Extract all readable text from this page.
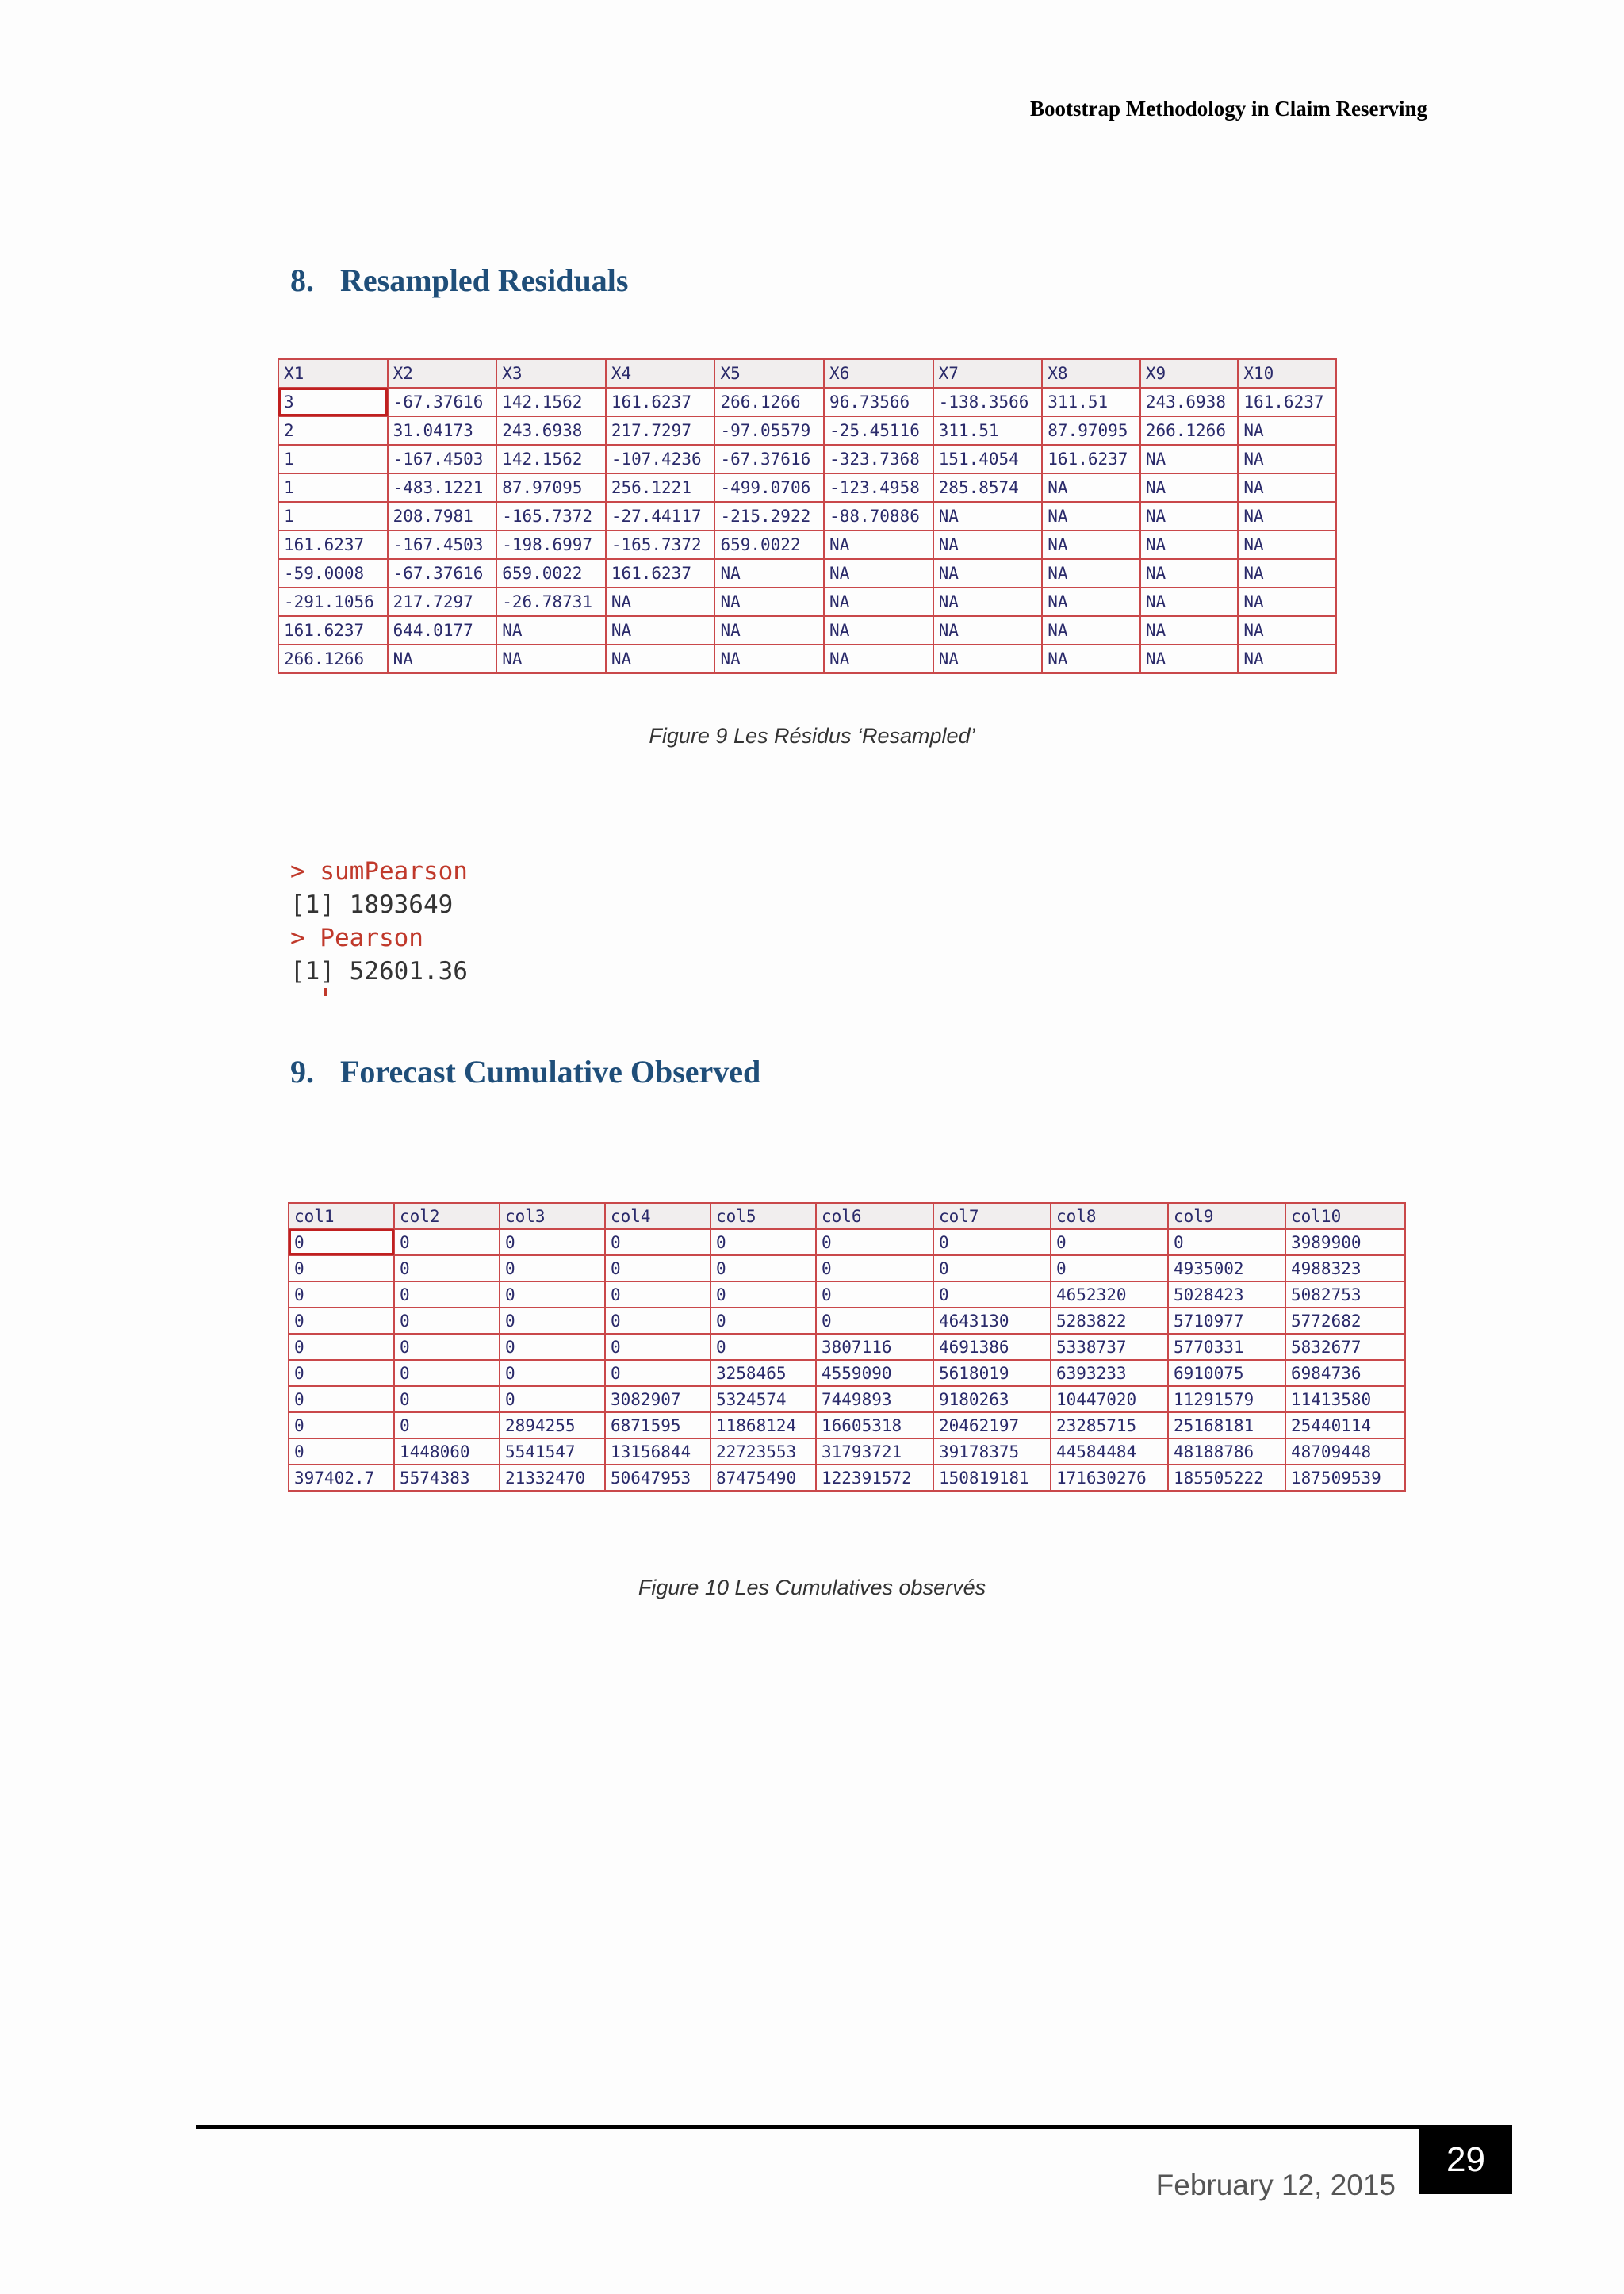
Bootstrap Methodology in Claim Reserving
8. Resampled Residuals
X1	X2	X3	X4	X5	X6	X7	X8	X9	X10
3	-67.37616	142.1562	161.6237	266.1266	96.73566	-138.3566	311.51	243.6938	161.6237
2	31.04173	243.6938	217.7297	-97.05579	-25.45116	311.51	87.97095	266.1266	NA
1	-167.4503	142.1562	-107.4236	-67.37616	-323.7368	151.4054	161.6237	NA	NA
1	-483.1221	87.97095	256.1221	-499.0706	-123.4958	285.8574	NA	NA	NA
1	208.7981	-165.7372	-27.44117	-215.2922	-88.70886	NA	NA	NA	NA
161.6237	-167.4503	-198.6997	-165.7372	659.0022	NA	NA	NA	NA	NA
-59.0008	-67.37616	659.0022	161.6237	NA	NA	NA	NA	NA	NA
-291.1056	217.7297	-26.78731	NA	NA	NA	NA	NA	NA	NA
161.6237	644.0177	NA	NA	NA	NA	NA	NA	NA	NA
266.1266	NA	NA	NA	NA	NA	NA	NA	NA	NA
Figure 9 Les Résidus ‘Resampled’
> sumPearson
[1] 1893649
> Pearson
[1] 52601.36
9. Forecast Cumulative Observed
col1	col2	col3	col4	col5	col6	col7	col8	col9	col10
0	0	0	0	0	0	0	0	0	3989900
0	0	0	0	0	0	0	0	4935002	4988323
0	0	0	0	0	0	0	4652320	5028423	5082753
0	0	0	0	0	0	4643130	5283822	5710977	5772682
0	0	0	0	0	3807116	4691386	5338737	5770331	5832677
0	0	0	0	3258465	4559090	5618019	6393233	6910075	6984736
0	0	0	3082907	5324574	7449893	9180263	10447020	11291579	11413580
0	0	2894255	6871595	11868124	16605318	20462197	23285715	25168181	25440114
0	1448060	5541547	13156844	22723553	31793721	39178375	44584484	48188786	48709448
397402.7	5574383	21332470	50647953	87475490	122391572	150819181	171630276	185505222	187509539
Figure 10 Les Cumulatives observés
February 12, 2015
29
